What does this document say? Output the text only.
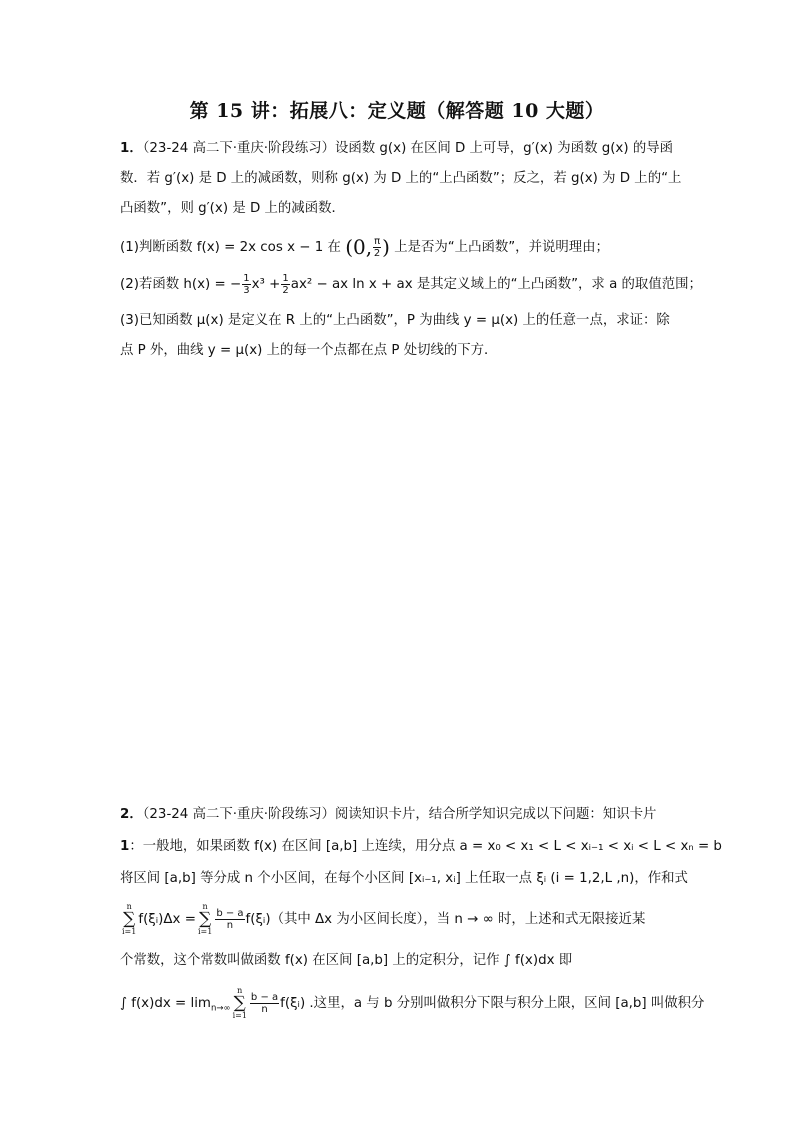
第 15 讲：拓展八：定义题（解答题 10 大题）
1．（23-24 高二下·重庆·阶段练习）设函数 g(x) 在区间 D 上可导，g′(x) 为函数 g(x) 的导函
数．若 g′(x) 是 D 上的减函数，则称 g(x) 为 D 上的“上凸函数”；反之，若 g(x) 为 D 上的“上
凸函数”，则 g′(x) 是 D 上的减函数．
(1)判断函数 f(x) = 2x cos x − 1 在 (0, $\frac{\pi}{2}$ ) 上是否为“上凸函数”，并说明理由；
(2)若函数 h(x) = − $\frac{1}{3} x^3 + \frac{1}{2} ax^2$ − ax ln x + ax 是其定义域上的“上凸函数”，求 a 的取值范围；
(3)已知函数 μ(x) 是定义在 R 上的“上凸函数”，P 为曲线 y = μ(x) 上的任意一点，求证：除
点 P 外，曲线 y = μ(x) 上的每一个点都在点 P 处切线的下方．
2．（23-24 高二下·重庆·阶段练习）阅读知识卡片，结合所学知识完成以下问题：知识卡片
1：一般地，如果函数 f(x) 在区间 [a,b] 上连续，用分点 a = x₀ < x₁ < L < xᵢ₋₁ < xᵢ < L < xₙ = b
将区间 [a,b] 等分成 n 个小区间，在每个小区间 [xᵢ₋₁, xᵢ] 上任取一点 ξᵢ (i = 1,2,L ,n)，作和式
n
∑
i=1f(ξᵢ)Δx =n
∑
i=1
$\frac{b - a}{n}$ f(ξᵢ)（其中 Δx 为小区间长度），当 n → ∞ 时，上述和式无限接近某
个常数，这个常数叫做函数 f(x) 在区间 [a,b] 上的定积分，记作 ∫ f(x)dx 即
∫ $f(x)dx = \lim_{n\to\infty}n$
∑
i=1
$\frac{b - a}{n}$ f(ξᵢ) .这里，a 与 b 分别叫做积分下限与积分上限，区间 [a,b] 叫做积分
